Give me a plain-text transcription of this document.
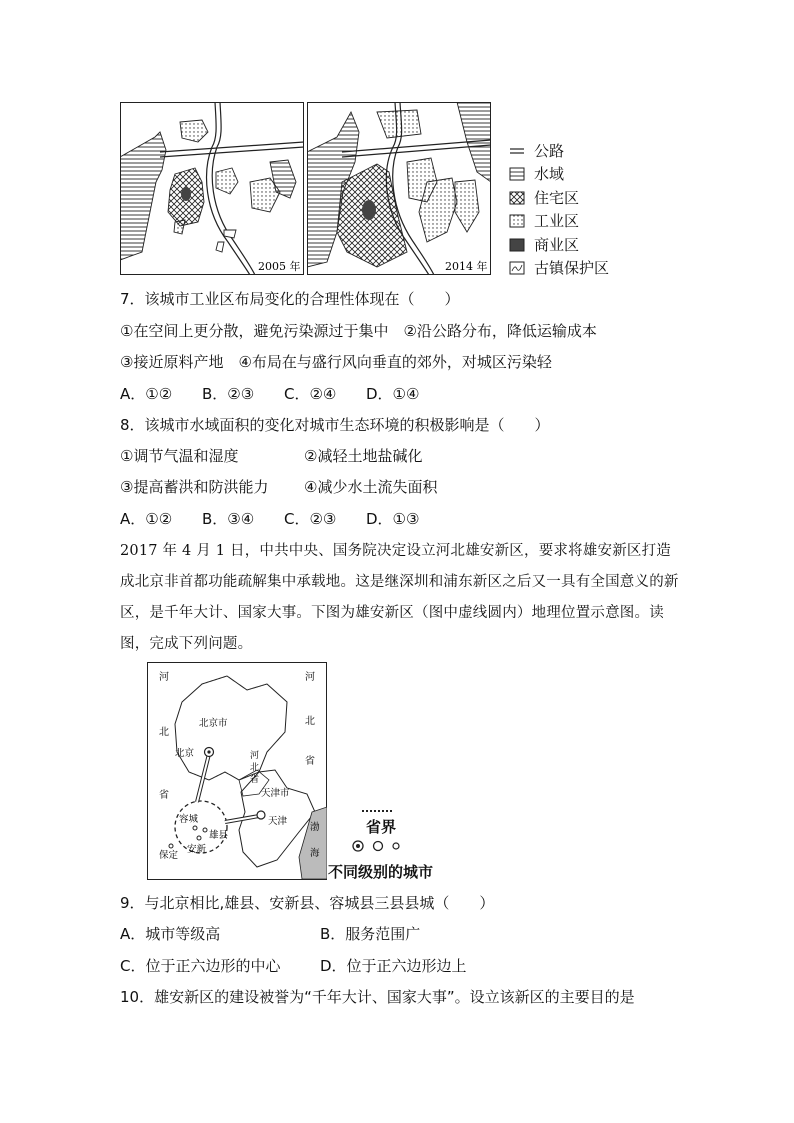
2005 年	2014 年
公路
水域
住宅区
工业区
商业区
古镇保护区
7．该城市工业区布局变化的合理性体现在（　　）
①在空间上更分散，避免污染源过于集中　②沿公路分布，降低运输成本
③接近原料产地　④布局在与盛行风向垂直的郊外，对城区污染轻
A．①② B．②③ C．②④ D．①④
8．该城市水域面积的变化对城市生态环境的积极影响是（　　）
①调节气温和湿度	②减轻土地盐碱化
③提高蓄洪和防洪能力 ④减少水土流失面积
A．①② B．③④ C．②③ D．①③
2017 年 4 月 1 日，中共中央、国务院决定设立河北雄安新区，要求将雄安新区打造成北京非首都功能疏解集中承载地。这是继深圳和浦东新区之后又一具有全国意义的新区，是千年大计、国家大事。下图为雄安新区（图中虚线圆内）地理位置示意图。读图，完成下列问题。
河
北
省
河
北
省
北京市
北京	河
北
省
天津市
天津
容城
雄县
安新
保定
渤
海
省界
不同级别的城市
9．与北京相比,雄县、安新县、容城县三县县城（　　）
A．城市等级高	B．服务范围广
C．位于正六边形的中心	D．位于正六边形边上
10．雄安新区的建设被誉为“千年大计、国家大事”。设立该新区的主要目的是
